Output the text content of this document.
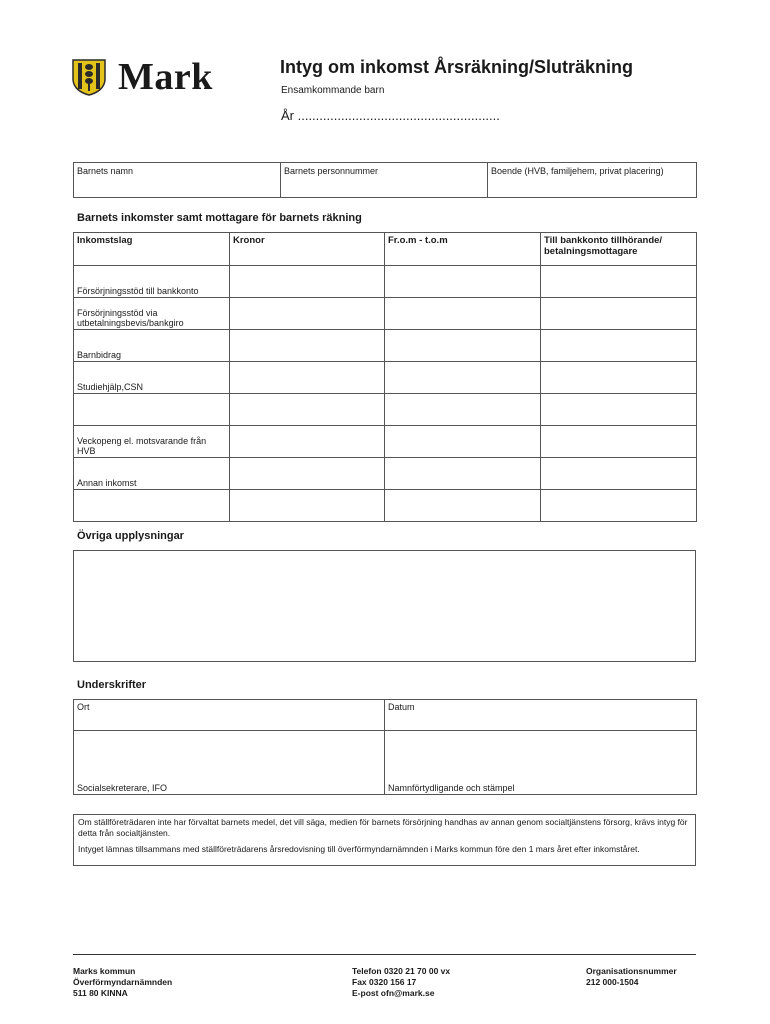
Mark	Intyg om inkomst Årsräkning/Sluträkning
Ensamkommande barn
År ........................................................
Barnets namn	Barnets personnummer	Boende (HVB, familjehem, privat placering)
Barnets inkomster samt mottagare för barnets räkning
Inkomstslag	Kronor	Fr.o.m - t.o.m	Till bankkonto tillhörande/ betalningsmottagare
Försörjningsstöd till bankkonto			
Försörjningsstöd via utbetalningsbevis/bankgiro			
Barnbidrag			
Studiehjälp,CSN			

Veckopeng el. motsvarande från HVB			
Annan inkomst			

Övriga upplysningar
Underskrifter
Ort	Datum
Socialsekreterare, IFO	Namnförtydligande och stämpel

Om ställföreträdaren inte har förvaltat barnets medel, det vill säga, medien för barnets försörjning handhas av annan genom socialtjänstens försorg, krävs intyg för detta från socialtjänsten.

Intyget lämnas tillsammans med ställföreträdarens årsredovisning till överförmyndarnämnden i Marks kommun före den 1 mars året efter inkomståret.

Marks kommun
Överförmyndarnämnden
511 80 KINNA
Telefon 0320 21 70 00 vx
Fax 0320 156 17
E-post ofn@mark.se
Organisationsnummer
212 000-1504
